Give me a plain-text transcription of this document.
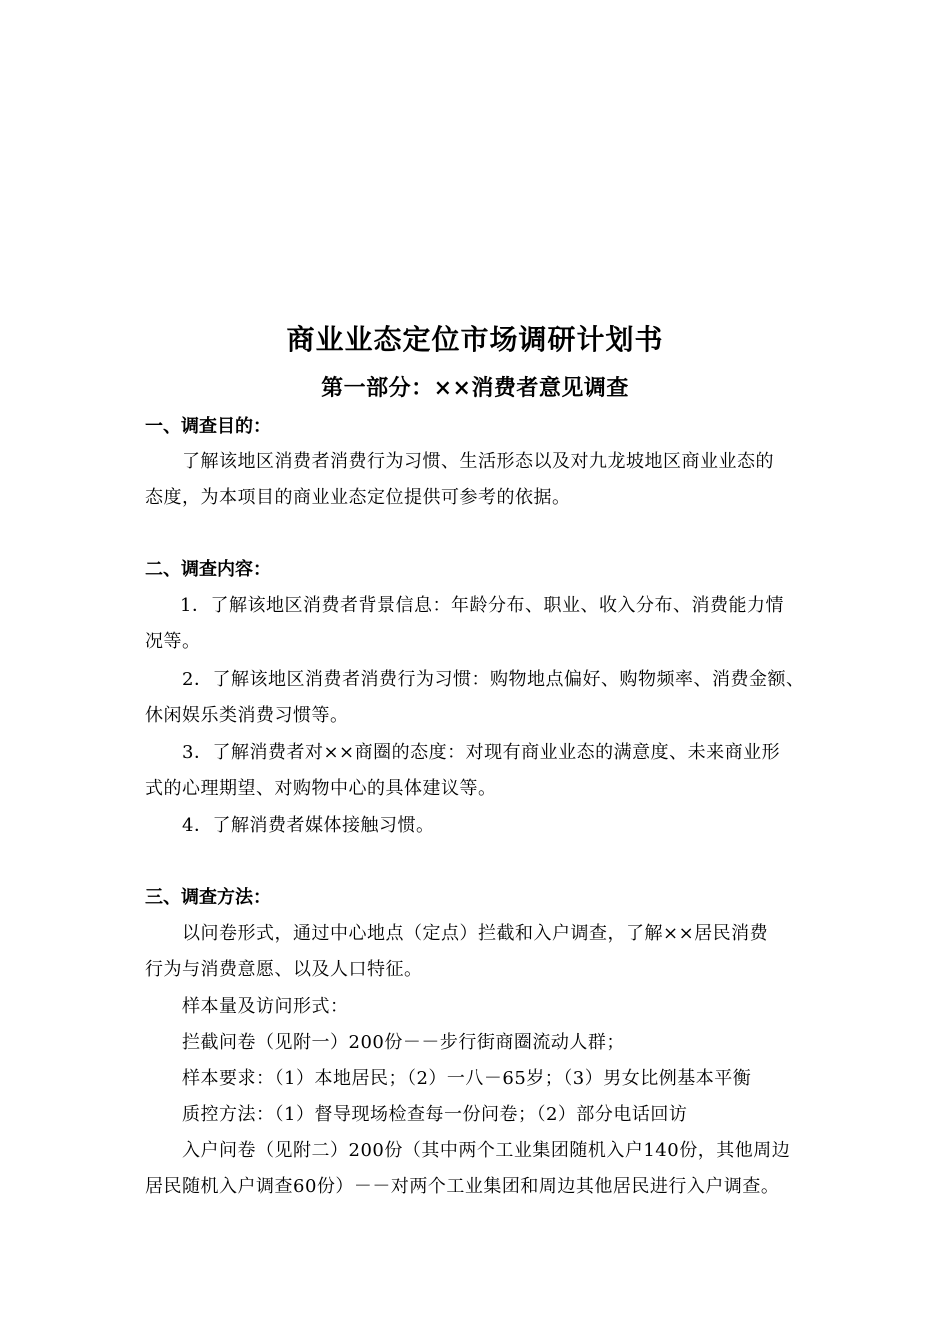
商业业态定位市场调研计划书
第一部分：××消费者意见调查
一、调查目的：
了解该地区消费者消费行为习惯、生活形态以及对九龙坡地区商业业态的
态度，为本项目的商业业态定位提供可参考的依据。
二、调查内容：
1．了解该地区消费者背景信息：年龄分布、职业、收入分布、消费能力情
况等。
2．了解该地区消费者消费行为习惯：购物地点偏好、购物频率、消费金额、
休闲娱乐类消费习惯等。
3．了解消费者对××商圈的态度：对现有商业业态的满意度、未来商业形
式的心理期望、对购物中心的具体建议等。
4．了解消费者媒体接触习惯。
三、调查方法：
以问卷形式，通过中心地点（定点）拦截和入户调查，了解××居民消费
行为与消费意愿、以及人口特征。
样本量及访问形式：
拦截问卷（见附一）200份－－步行街商圈流动人群；
样本要求：（1）本地居民；（2）一八－65岁；（3）男女比例基本平衡
质控方法：（1）督导现场检查每一份问卷；（2）部分电话回访
入户问卷（见附二）200份（其中两个工业集团随机入户140份，其他周边
居民随机入户调查60份）－－对两个工业集团和周边其他居民进行入户调查。
